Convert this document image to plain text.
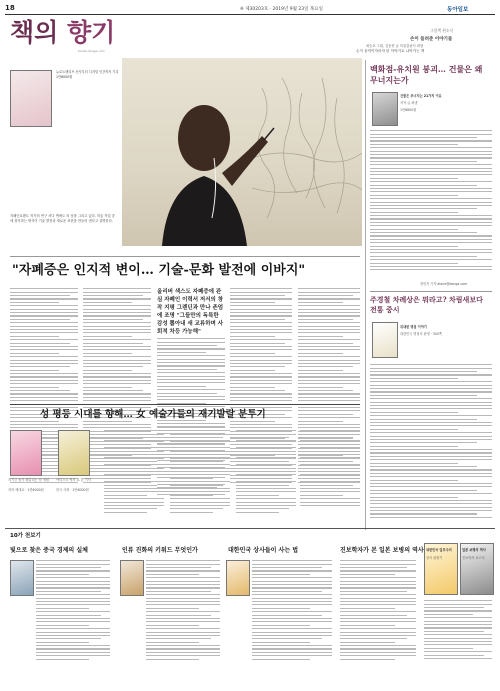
18	※ 제30203호 · 2019년 9월 23일 목요일	동아일보
책의 향기
books.donga.com
그림책 편소식
손이 들려준 이야기들
최승호 그림, 김동현 글 비룡출판사 펴냄
손이 움직이자마자 한 이야기로 나아가는 책
뉴로트렌티브 선사부터 디지털 인간까지 기록 1만8000원
지폐인호텐트 작가의 연구 서다 벽에도 의 상을 그리고 있다. 미술 작업 중에 창작하는 방식이 기술 발전과 새로운 표현을 만들어 낸다고 설명한다.
"자폐증은 인지적 변이… 기술-문화 발전에 이바지"
올리버 색스도 자폐증에 관심 자폐인 이력서 저서의 창작 지평 그렌딘과 만나 존엄에 조명 "그들만의 독특한 감성 뽑아내 새 교류하며 사회적 차등 가능해"
성 평등 시대를 향해… 女 예술가들의 재기발랄 분투기
지기긴 돌기 떼갈리는 남 정원
지하 세대로 · 1만6000원
아티스트 역사 로 본 기사
한국 사회 · 1만6000원
백화점-유치원 붕괴… 건물은 왜 무너지는가
건물은 무너지는 21가지 이유
저자 글 펴냄
1만6800원
정민지 기자 alone@donga.com
주경철 차례상은 뭐라고? 차림새보다 전통 중시
위대한 명절 이야기
대한민국 명절의 탄생 · 300쪽
10가 천보기
빛으로 찾은 중국 경제의 실체	인류 진화의 키워드 무엇인가	대한민국 상사들이 사는 법	진보학자가 본 일본 보병의 역사 대한민국 업무주의
상사 관찰기
일본 보병의 역사
진보학자 보고서
